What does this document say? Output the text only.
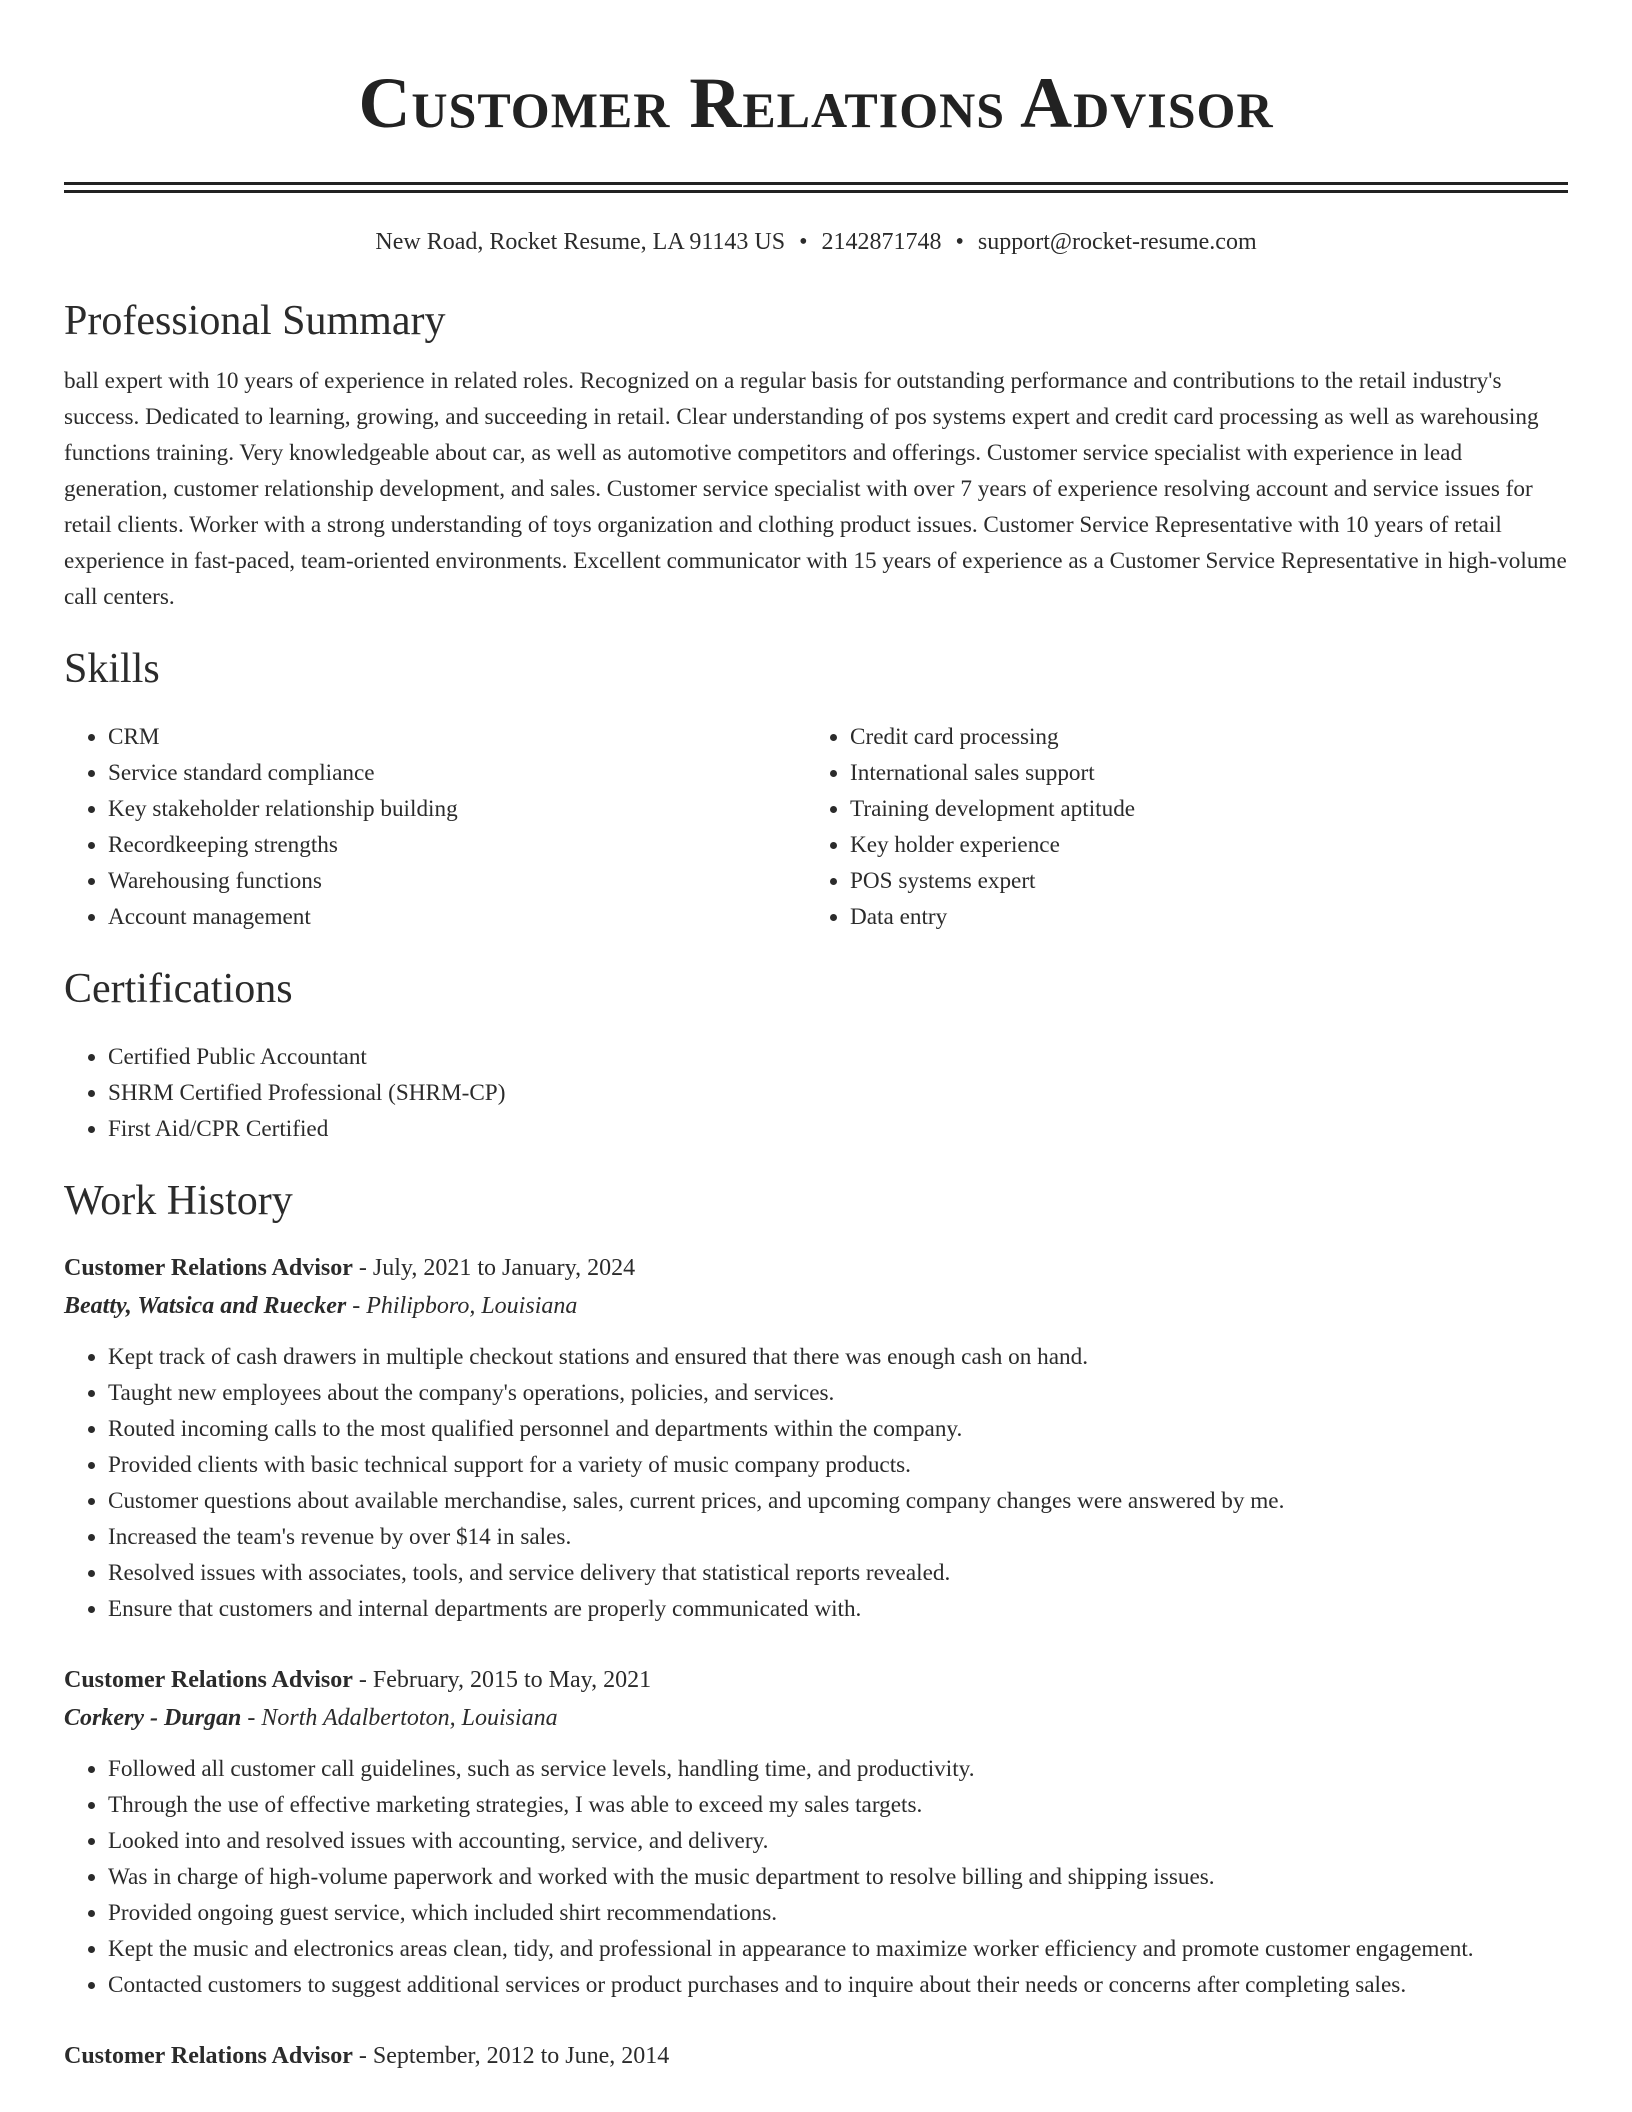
Customer Relations Advisor
New Road, Rocket Resume, LA 91143 US • 2142871748 • support@rocket-resume.com
Professional Summary

ball expert with 10 years of experience in related roles. Recognized on a regular basis for outstanding performance and contributions to the retail industry's success. Dedicated to learning, growing, and succeeding in retail. Clear understanding of pos systems expert and credit card processing as well as warehousing functions training. Very knowledgeable about car, as well as automotive competitors and offerings. Customer service specialist with experience in lead generation, customer relationship development, and sales. Customer service specialist with over 7 years of experience resolving account and service issues for retail clients. Worker with a strong understanding of toys organization and clothing product issues. Customer Service Representative with 10 years of retail experience in fast-paced, team-oriented environments. Excellent communicator with 15 years of experience as a Customer Service Representative in high-volume call centers.

Skills
• CRM
• Service standard compliance
• Key stakeholder relationship building
• Recordkeeping strengths
• Warehousing functions
• Account management
• Credit card processing
• International sales support
• Training development aptitude
• Key holder experience
• POS systems expert
• Data entry
Certifications
• Certified Public Accountant
• SHRM Certified Professional (SHRM-CP)
• First Aid/CPR Certified
Work History
Customer Relations Advisor - July, 2021 to January, 2024
Beatty, Watsica and Ruecker - Philipboro, Louisiana
• Kept track of cash drawers in multiple checkout stations and ensured that there was enough cash on hand.
• Taught new employees about the company's operations, policies, and services.
• Routed incoming calls to the most qualified personnel and departments within the company.
• Provided clients with basic technical support for a variety of music company products.
• Customer questions about available merchandise, sales, current prices, and upcoming company changes were answered by me.
• Increased the team's revenue by over $14 in sales.
• Resolved issues with associates, tools, and service delivery that statistical reports revealed.
• Ensure that customers and internal departments are properly communicated with.
Customer Relations Advisor - February, 2015 to May, 2021
Corkery - Durgan - North Adalbertoton, Louisiana
• Followed all customer call guidelines, such as service levels, handling time, and productivity.
• Through the use of effective marketing strategies, I was able to exceed my sales targets.
• Looked into and resolved issues with accounting, service, and delivery.
• Was in charge of high-volume paperwork and worked with the music department to resolve billing and shipping issues.
• Provided ongoing guest service, which included shirt recommendations.
• Kept the music and electronics areas clean, tidy, and professional in appearance to maximize worker efficiency and promote customer engagement.
• Contacted customers to suggest additional services or product purchases and to inquire about their needs or concerns after completing sales.
Customer Relations Advisor - September, 2012 to June, 2014
